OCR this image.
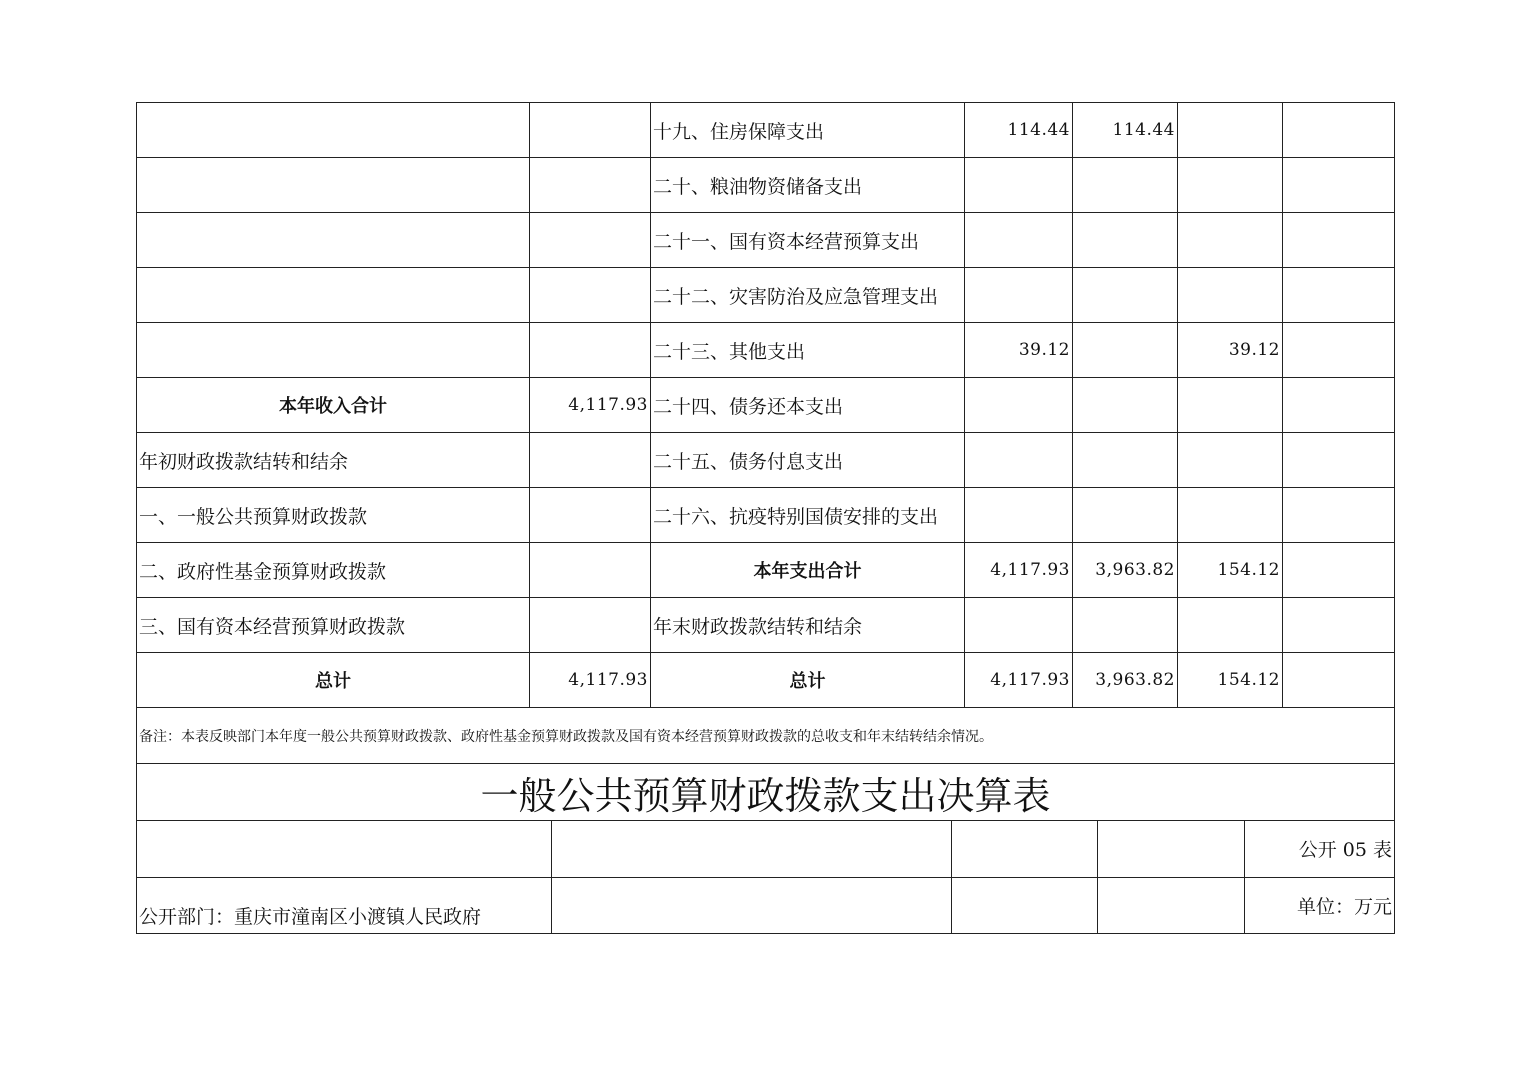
		十九、住房保障支出	114.44	114.44		
		二十、粮油物资储备支出				
		二十一、国有资本经营预算支出				
		二十二、灾害防治及应急管理支出				
		二十三、其他支出	39.12		39.12	
本年收入合计	4,117.93	二十四、债务还本支出				
年初财政拨款结转和结余		二十五、债务付息支出				
一、一般公共预算财政拨款		二十六、抗疫特别国债安排的支出				
二、政府性基金预算财政拨款		本年支出合计	4,117.93	3,963.82	154.12	
三、国有资本经营预算财政拨款		年末财政拨款结转和结余				
总计	4,117.93	总计	4,117.93	3,963.82	154.12	
备注：本表反映部门本年度一般公共预算财政拨款、政府性基金预算财政拨款及国有资本经营预算财政拨款的总收支和年末结转结余情况。						
一般公共预算财政拨款支出决算表						
				公开 05 表
公开部门：重庆市潼南区小渡镇人民政府				单位：万元
